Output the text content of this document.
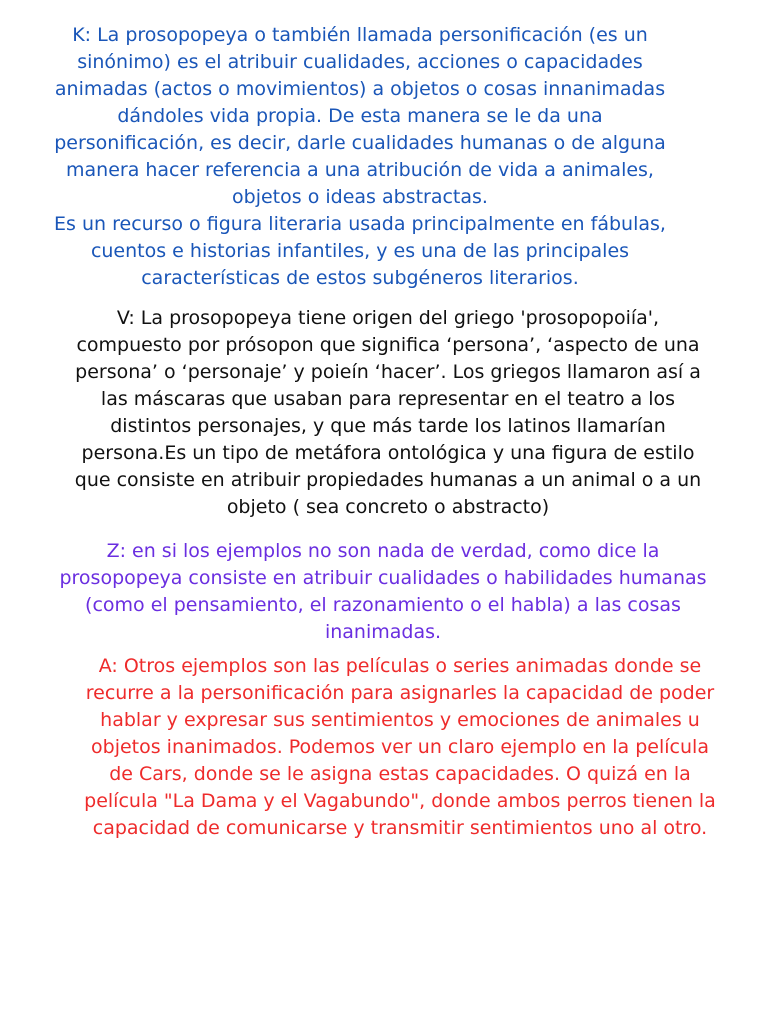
K: La prosopopeya o también llamada personificación (es un
sinónimo) es el atribuir cualidades, acciones o capacidades
animadas (actos o movimientos) a objetos o cosas innanimadas
dándoles vida propia. De esta manera se le da una
personificación, es decir, darle cualidades humanas o de alguna
manera hacer referencia a una atribución de vida a animales,
objetos o ideas abstractas.
Es un recurso o figura literaria usada principalmente en fábulas,
cuentos e historias infantiles, y es una de las principales
características de estos subgéneros literarios.
V: La prosopopeya tiene origen del griego 'prosopopoiía',
compuesto por prósopon que significa ‘persona’, ‘aspecto de una
persona’ o ‘personaje’ y poieín ‘hacer’. Los griegos llamaron así a
las máscaras que usaban para representar en el teatro a los
distintos personajes, y que más tarde los latinos llamarían
persona.Es un tipo de metáfora ontológica y una figura de estilo
que consiste en atribuir propiedades humanas a un animal o a un
objeto ( sea concreto o abstracto)
Z: en si los ejemplos no son nada de verdad, como dice la
prosopopeya consiste en atribuir cualidades o habilidades humanas
(como el pensamiento, el razonamiento o el habla) a las cosas
inanimadas.
A: Otros ejemplos son las películas o series animadas donde se
recurre a la personificación para asignarles la capacidad de poder
hablar y expresar sus sentimientos y emociones de animales u
objetos inanimados. Podemos ver un claro ejemplo en la película
de Cars, donde se le asigna estas capacidades. O quizá en la
película "La Dama y el Vagabundo", donde ambos perros tienen la
capacidad de comunicarse y transmitir sentimientos uno al otro.
